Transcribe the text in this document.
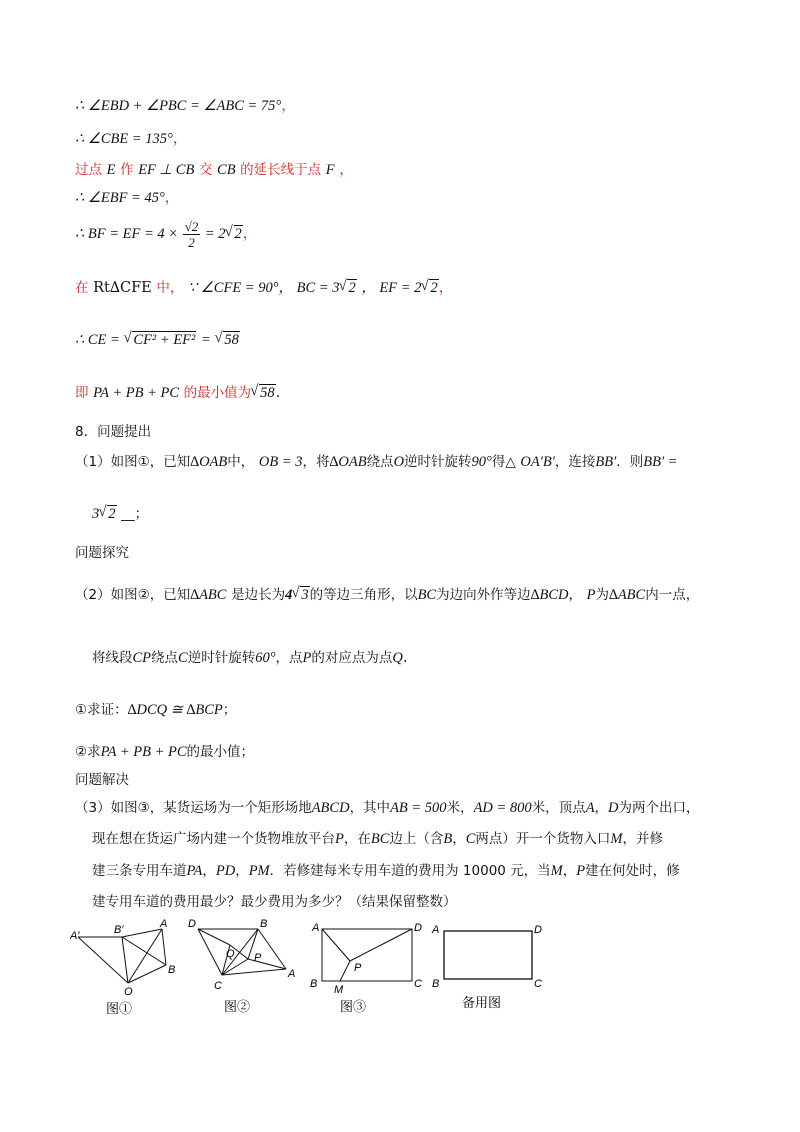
∴ ∠EBD + ∠PBC = ∠ABC = 75°，
∴ ∠CBE = 135°，
过点 E 作 EF ⊥ CB 交 CB 的延长线于点 F ，
∴ ∠EBF = 45°，
∴ BF = EF = $4 \times \frac{√2}{2} = 2√$ 2，
在 Rt∆CFE 中， ∵ ∠CFE = 90°， BC = 3√ 2 ， EF = 2√ 2，
∴ CE = √ CF² + EF² = √ 58
即 PA + PB + PC 的最小值为√ 58.
8．问题提出
（1）如图①，已知∆OAB中， OB = 3，将∆OAB绕点O逆时针旋转90°得△ OA′B′，连接BB′．则BB′ =
3√ 2 __；
问题探究
（2）如图②，已知∆ABC 是边长为4√ 3的等边三角形，以BC为边向外作等边∆BCD， P为∆ABC内一点，
将线段CP绕点C逆时针旋转60°，点P的对应点为点Q.
①求证：∆DCQ ≅ ∆BCP；
②求PA + PB + PC的最小值；
问题解决
（3）如图③，某货运场为一个矩形场地ABCD，其中AB = 500米，AD = 800米，顶点A，D为两个出口，
现在想在货运广场内建一个货物堆放平台P，在BC边上（含B，C两点）开一个货物入口M，并修
建三条专用车道PA，PD，PM．若修建每米专用车道的费用为 10000 元，当M，P建在何处时，修
建专用车道的费用最少？最少费用为多少？（结果保留整数）
A′	B′	A
B
O
图①
D	B
Q P
C
A
图②
A	D
P
B M	C
图③
A	D
B	C
备用图
